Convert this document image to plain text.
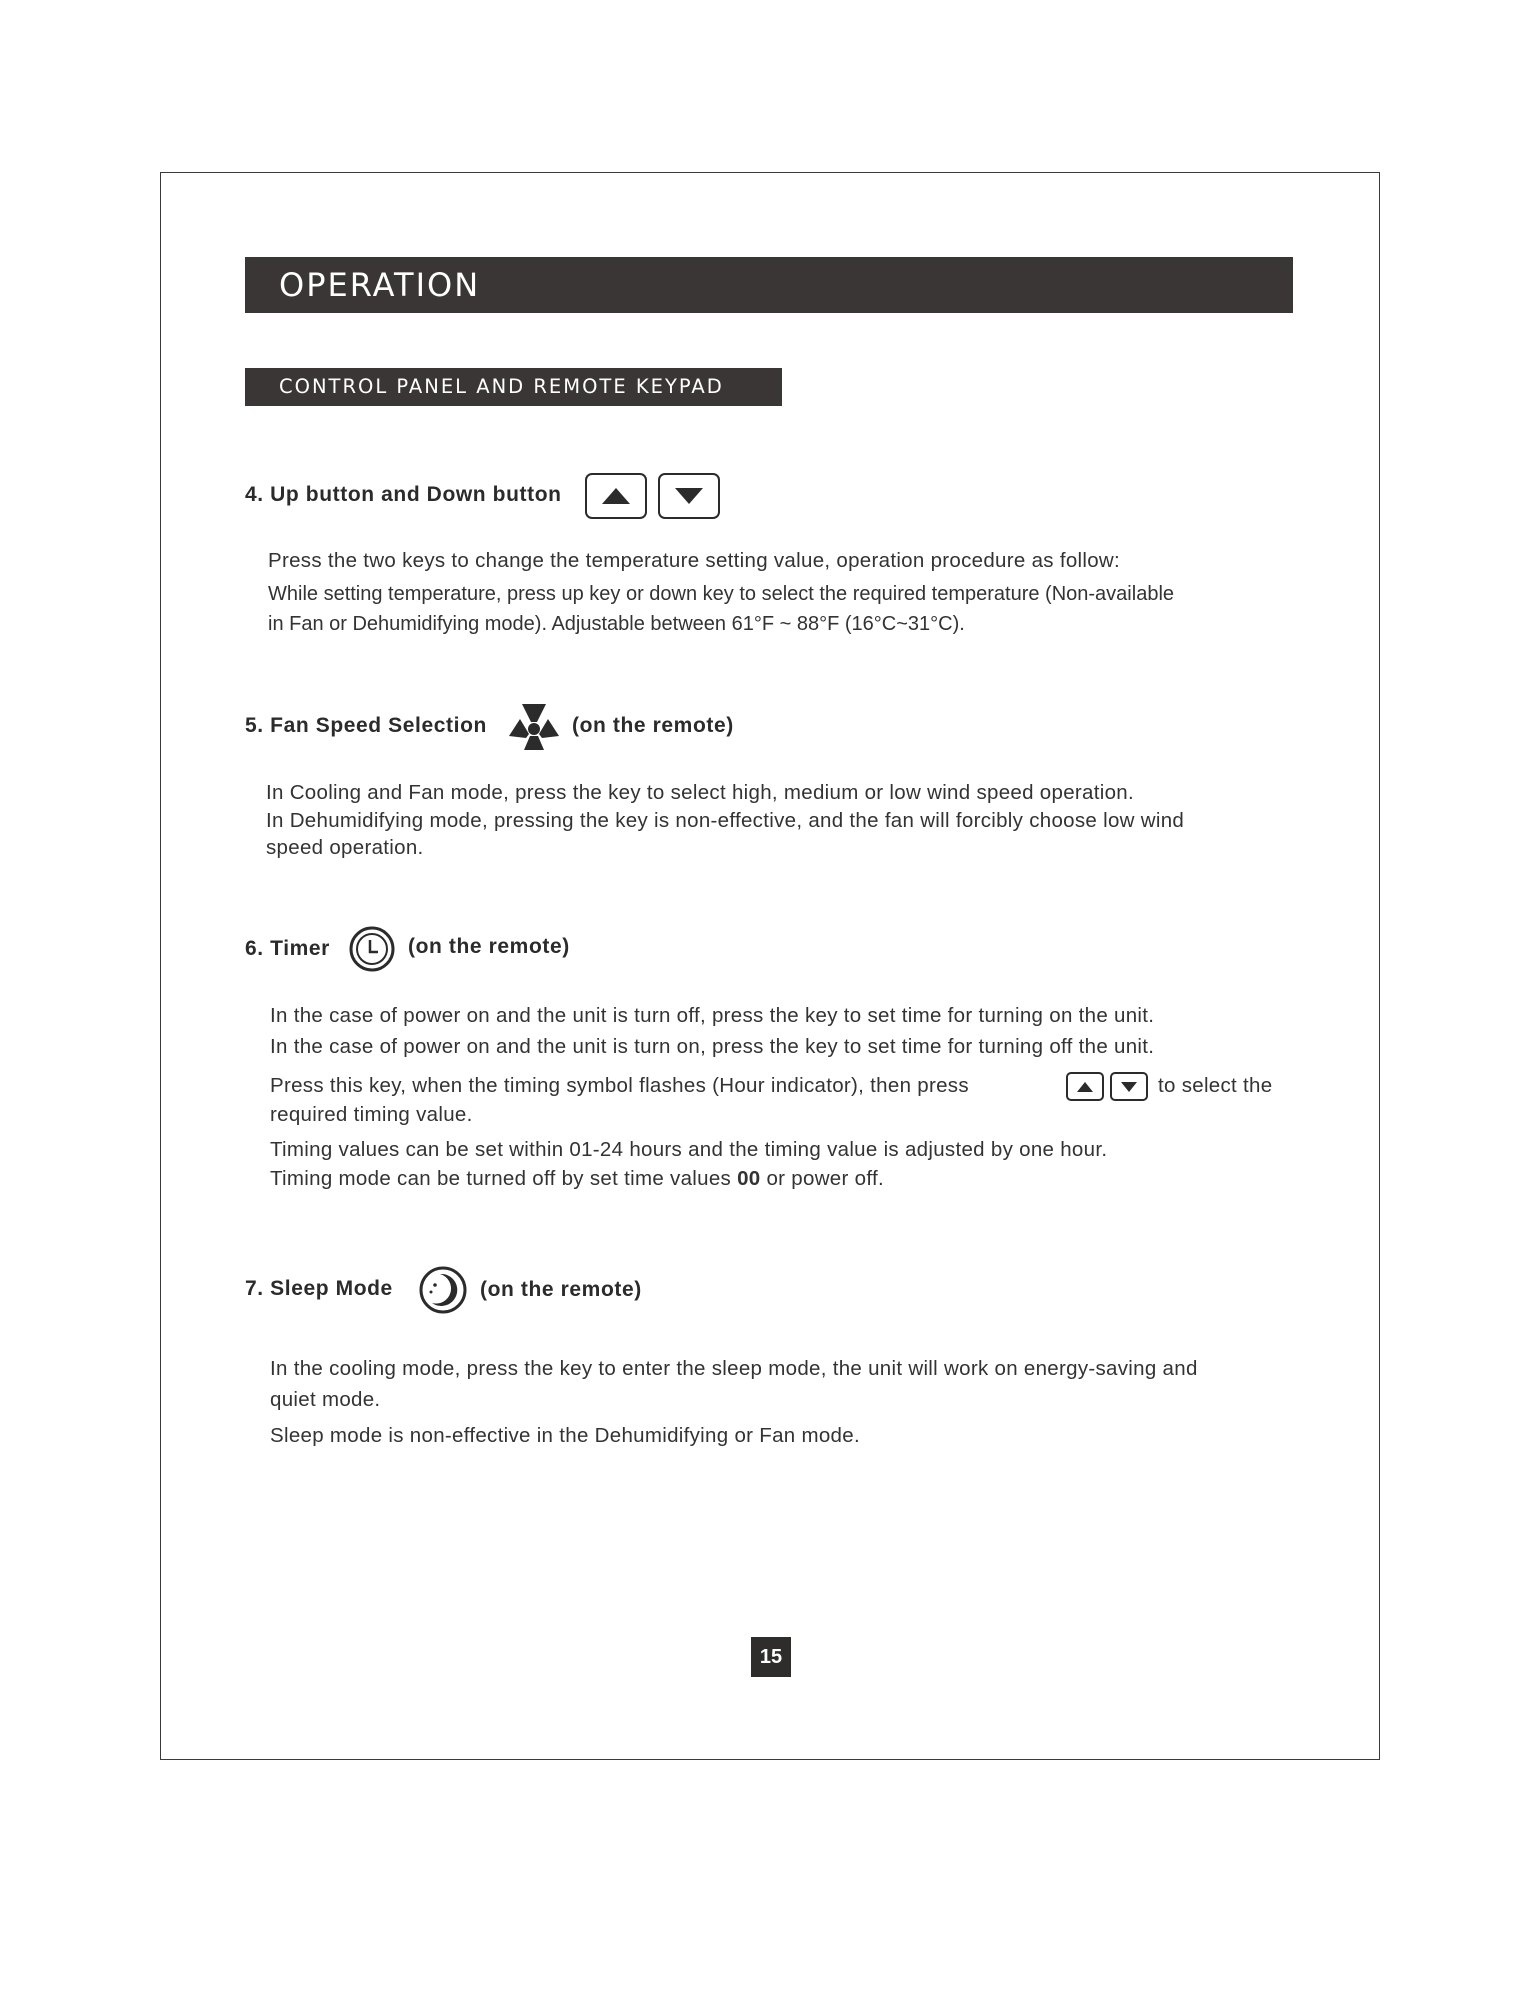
OPERATION
CONTROL PANEL AND REMOTE KEYPAD
4. Up button and Down button
Press the two keys to change the temperature setting value, operation procedure as follow:
While setting temperature, press up key or down key to select the required temperature (Non-available
in Fan or Dehumidifying mode). Adjustable between 61°F ~ 88°F (16°C~31°C).
5. Fan Speed Selection	(on the remote)
In Cooling and Fan mode, press the key to select high, medium or low wind speed operation.
In Dehumidifying mode, pressing the key is non-effective, and the fan will forcibly choose low wind
speed operation.
6. Timer	(on the remote)
In the case of power on and the unit is turn off, press the key to set time for turning on the unit.
In the case of power on and the unit is turn on, press the key to set time for turning off the unit.
Press this key, when the timing symbol flashes (Hour indicator), then press	to select the
required timing value.
Timing values can be set within 01-24 hours and the timing value is adjusted by one hour.
Timing mode can be turned off by set time values 00 or power off.
7. Sleep Mode	(on the remote)
In the cooling mode, press the key to enter the sleep mode, the unit will work on energy-saving and
quiet mode.
Sleep mode is non-effective in the Dehumidifying or Fan mode.
15
